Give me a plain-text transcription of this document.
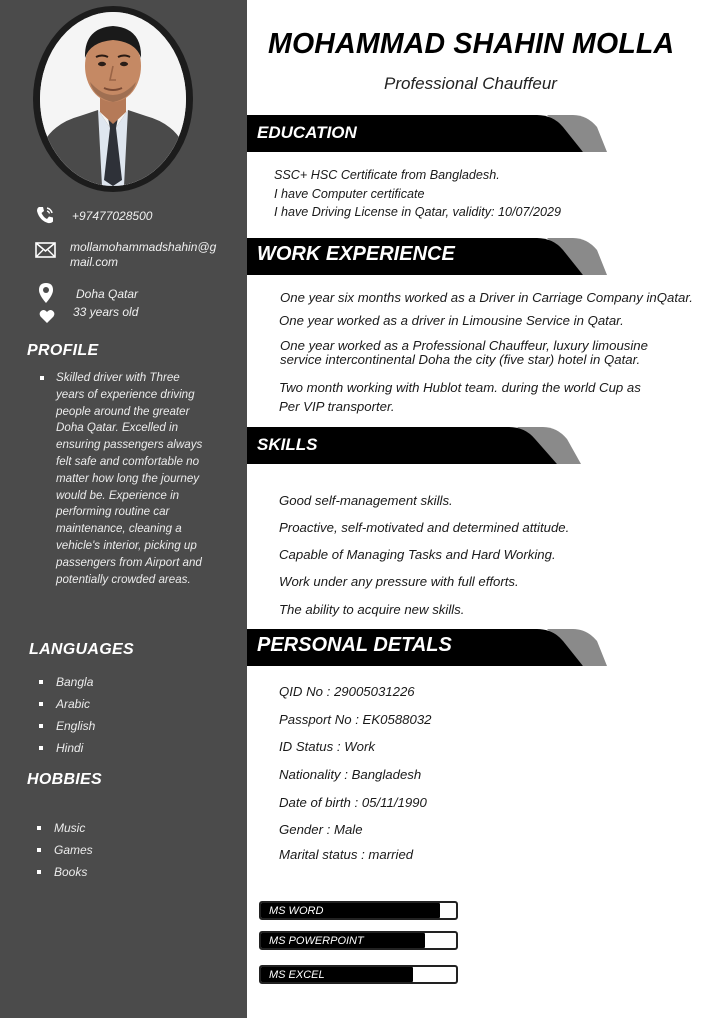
+97477028500
mollamohammadshahin@g
mail.com
Doha Qatar
33 years old
PROFILE
Skilled driver with Three years of experience driving people around the greater Doha Qatar. Excelled in ensuring passengers always felt safe and comfortable no matter how long the journey would be. Experience in performing routine car maintenance, cleaning a vehicle's interior, picking up passengers from Airport and potentially crowded areas.
LANGUAGES
Bangla
Arabic
English
Hindi
HOBBIES
Music
Games
Books
MOHAMMAD SHAHIN MOLLA
Professional Chauffeur
EDUCATION
SSC+ HSC Certificate from Bangladesh.
I have Computer certificate
I have Driving License in Qatar, validity: 10/07/2029
WORK EXPERIENCE
One year six months worked as a Driver in Carriage Company inQatar.
One year worked as a driver in Limousine Service in Qatar.
One year worked as a Professional Chauffeur, luxury limousine
service intercontinental Doha the city (five star) hotel in Qatar.
Two month working with Hublot team. during the world Cup as
Per VIP transporter.
SKILLS
Good self-management skills.
Proactive, self-motivated and determined attitude.
Capable of Managing Tasks and Hard Working.
Work under any pressure with full efforts.
The ability to acquire new skills.
PERSONAL DETALS
QID No : 29005031226
Passport No : EK0588032
ID Status : Work
Nationality : Bangladesh
Date of birth : 05/11/1990
Gender : Male
Marital status : married
MS WORD
MS POWERPOINT
MS EXCEL
